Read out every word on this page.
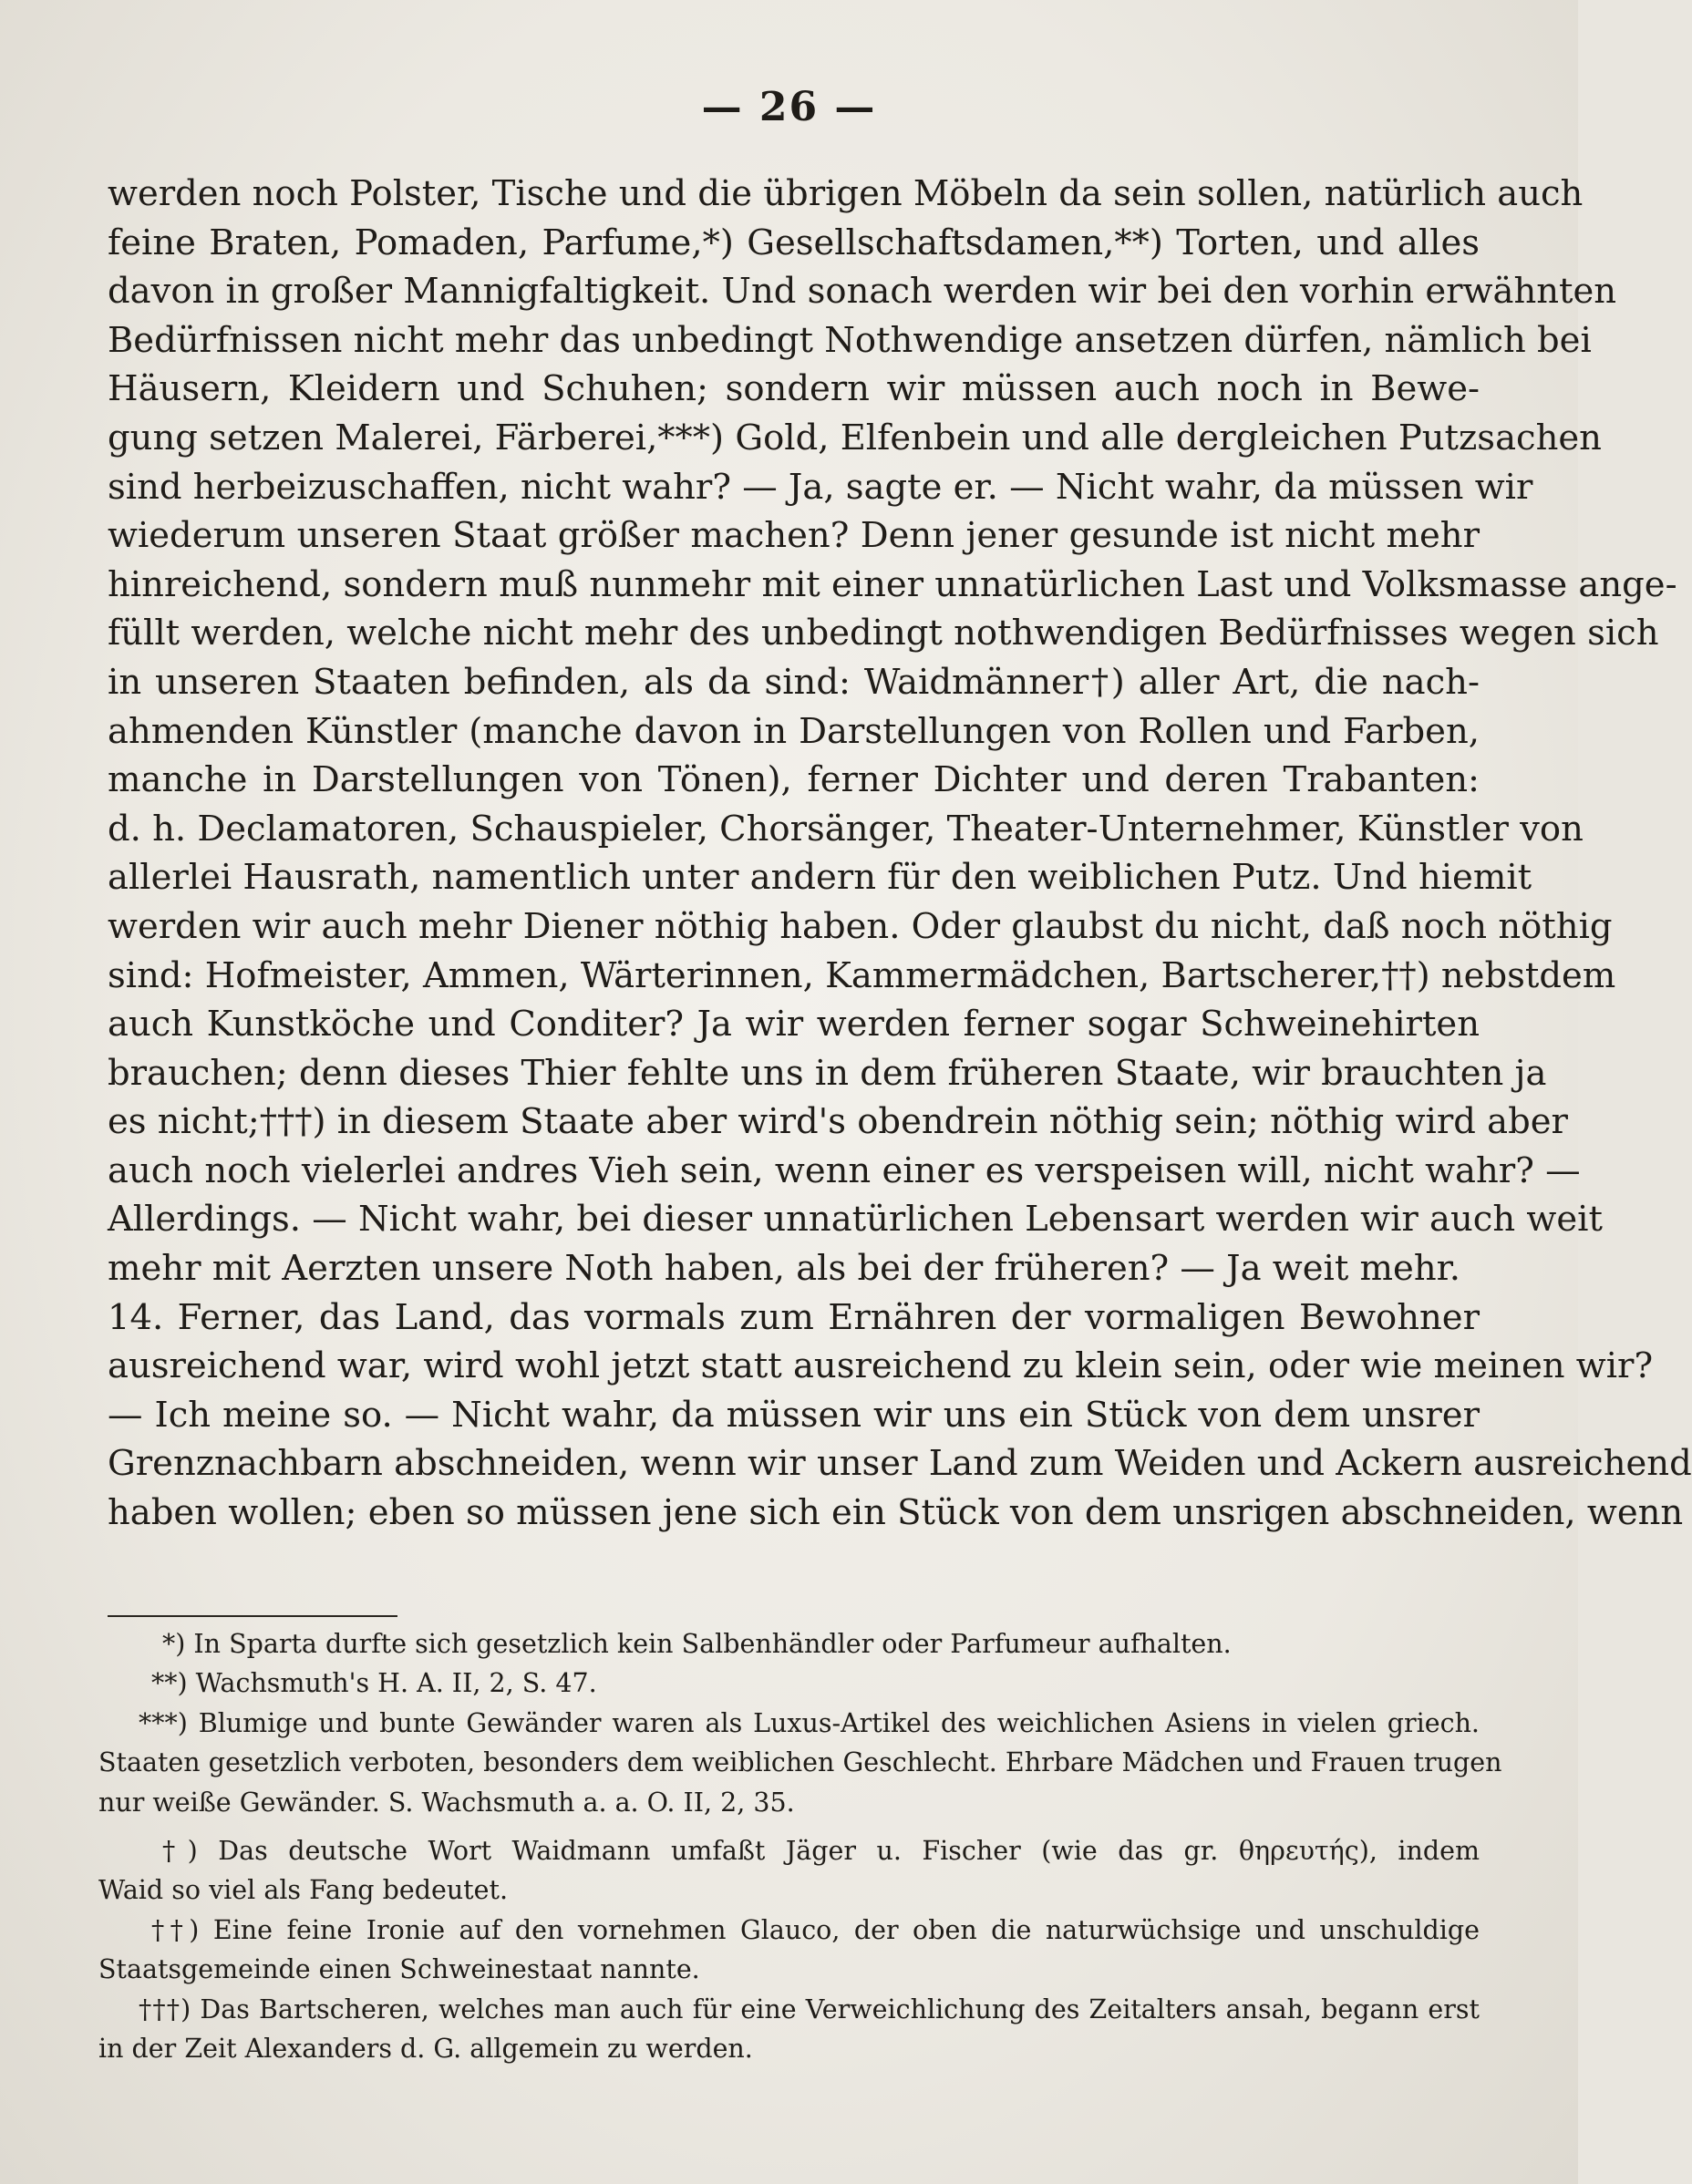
— 26 —
werden noch Polster, Tische und die übrigen Möbeln da sein sollen, natürlich auch
feine Braten, Pomaden, Parfume,*) Gesellschaftsdamen,**) Torten, und alles
davon in großer Mannigfaltigkeit. Und sonach werden wir bei den vorhin erwähnten
Bedürfnissen nicht mehr das unbedingt Nothwendige ansetzen dürfen, nämlich bei
Häusern, Kleidern und Schuhen; sondern wir müssen auch noch in Bewe-
gung setzen Malerei, Färberei,***) Gold, Elfenbein und alle dergleichen Putzsachen
sind herbeizuschaffen, nicht wahr? — Ja, sagte er. — Nicht wahr, da müssen wir
wiederum unseren Staat größer machen? Denn jener gesunde ist nicht mehr
hinreichend, sondern muß nunmehr mit einer unnatürlichen Last und Volksmasse ange-
füllt werden, welche nicht mehr des unbedingt nothwendigen Bedürfnisses wegen sich
in unseren Staaten befinden, als da sind: Waidmänner†) aller Art, die nach-
ahmenden Künstler (manche davon in Darstellungen von Rollen und Farben,
manche in Darstellungen von Tönen), ferner Dichter und deren Trabanten:
d. h. Declamatoren, Schauspieler, Chorsänger, Theater-Unternehmer, Künstler von
allerlei Hausrath, namentlich unter andern für den weiblichen Putz. Und hiemit
werden wir auch mehr Diener nöthig haben. Oder glaubst du nicht, daß noch nöthig
sind: Hofmeister, Ammen, Wärterinnen, Kammermädchen, Bartscherer,††) nebstdem
auch Kunstköche und Conditer? Ja wir werden ferner sogar Schweinehirten
brauchen; denn dieses Thier fehlte uns in dem früheren Staate, wir brauchten ja
es nicht;†††) in diesem Staate aber wird's obendrein nöthig sein; nöthig wird aber
auch noch vielerlei andres Vieh sein, wenn einer es verspeisen will, nicht wahr? —
Allerdings. — Nicht wahr, bei dieser unnatürlichen Lebensart werden wir auch weit
mehr mit Aerzten unsere Noth haben, als bei der früheren? — Ja weit mehr.
14. Ferner, das Land, das vormals zum Ernähren der vormaligen Bewohner
ausreichend war, wird wohl jetzt statt ausreichend zu klein sein, oder wie meinen wir?
— Ich meine so. — Nicht wahr, da müssen wir uns ein Stück von dem unsrer
Grenznachbarn abschneiden, wenn wir unser Land zum Weiden und Ackern ausreichend
haben wollen; eben so müssen jene sich ein Stück von dem unsrigen abschneiden, wenn
*) In Sparta durfte sich gesetzlich kein Salbenhändler oder Parfumeur aufhalten.
**) Wachsmuth's H. A. II, 2, S. 47.
***) Blumige und bunte Gewänder waren als Luxus-Artikel des weichlichen Asiens in vielen griech.
Staaten gesetzlich verboten, besonders dem weiblichen Geschlecht. Ehrbare Mädchen und Frauen trugen
nur weiße Gewänder. S. Wachsmuth a. a. O. II, 2, 35.
†) Das deutsche Wort Waidmann umfaßt Jäger u. Fischer (wie das gr. θηρευτής), indem
Waid so viel als Fang bedeutet.
††) Eine feine Ironie auf den vornehmen Glauco, der oben die naturwüchsige und unschuldige
Staatsgemeinde einen Schweinestaat nannte.
†††) Das Bartscheren, welches man auch für eine Verweichlichung des Zeitalters ansah, begann erst
in der Zeit Alexanders d. G. allgemein zu werden.
